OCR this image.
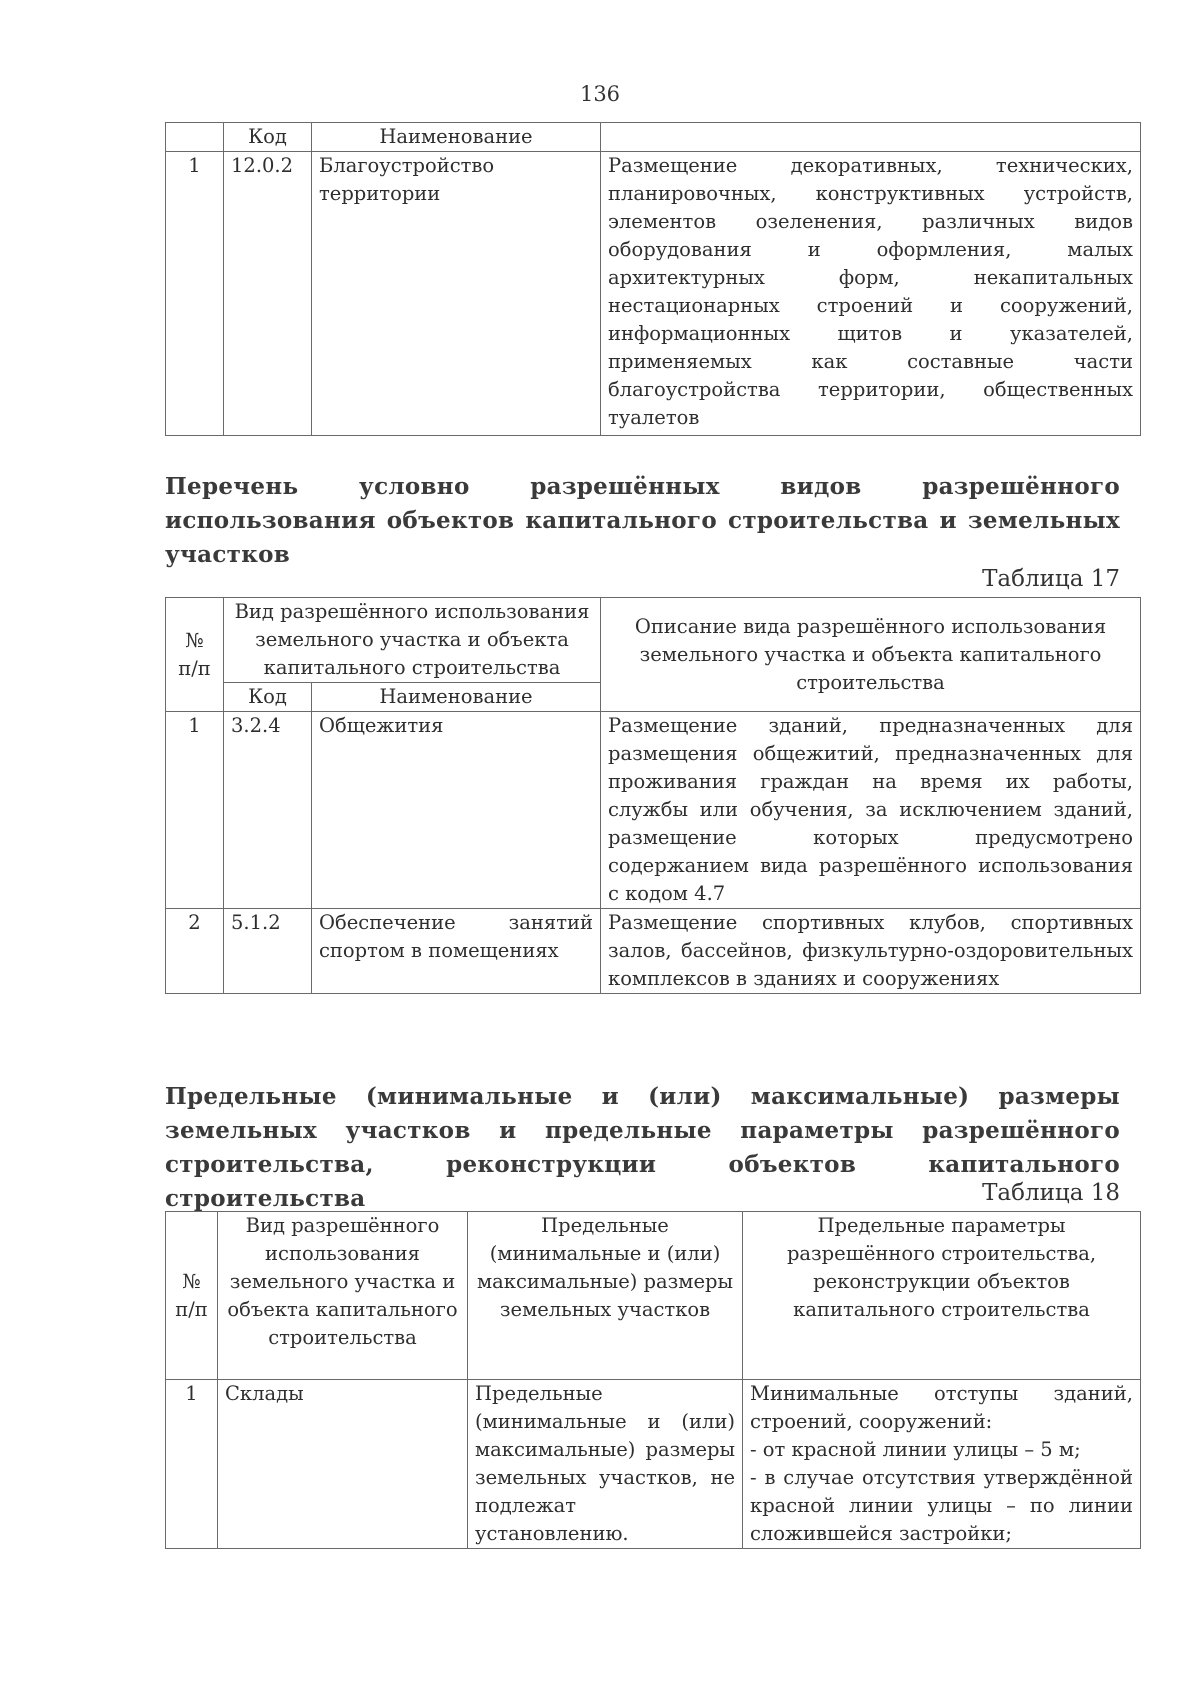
136
	Код	Наименование	
1	12.0.2	Благоустройство территории	Размещение декоративных, технических, планировочных, конструктивных устройств, элементов озеленения, различных видов оборудования и оформления, малых архитектурных форм, некапитальных нестационарных строений и сооружений, информационных щитов и указателей, применяемых как составные части благоустройства территории, общественных туалетов
Перечень условно разрешённых видов разрешённого использования объектов капитального строительства и земельных участков
Таблица 17
№ п/п	Вид разрешённого использования земельного участка и объекта капитального строительства		Описание вида разрешённого использования земельного участка и объекта капитального строительства
	Код	Наименование	
1	3.2.4	Общежития	Размещение зданий, предназначенных для размещения общежитий, предназначенных для проживания граждан на время их работы, службы или обучения, за исключением зданий, размещение которых предусмотрено содержанием вида разрешённого использования с кодом 4.7
2	5.1.2	Обеспечение занятий спортом в помещениях	Размещение спортивных клубов, спортивных залов, бассейнов, физкультурно-оздоровительных комплексов в зданиях и сооружениях
Предельные (минимальные и (или) максимальные) размеры земельных участков и предельные параметры разрешённого строительства, реконструкции объектов капитального строительства	Таблица 18
№ п/п	Вид разрешённого использования земельного участка и объекта капитального строительства	Предельные (минимальные и (или) максимальные) размеры земельных участков	Предельные параметры разрешённого строительства, реконструкции объектов капитального строительства
1	Склады	Предельные (минимальные и (или) максимальные) размеры земельных участков, не подлежат установлению.	Минимальные отступы зданий, строений, сооружений:
- от красной линии улицы – 5 м;
- в случае отсутствия утверждённой красной линии улицы – по линии сложившейся застройки;
